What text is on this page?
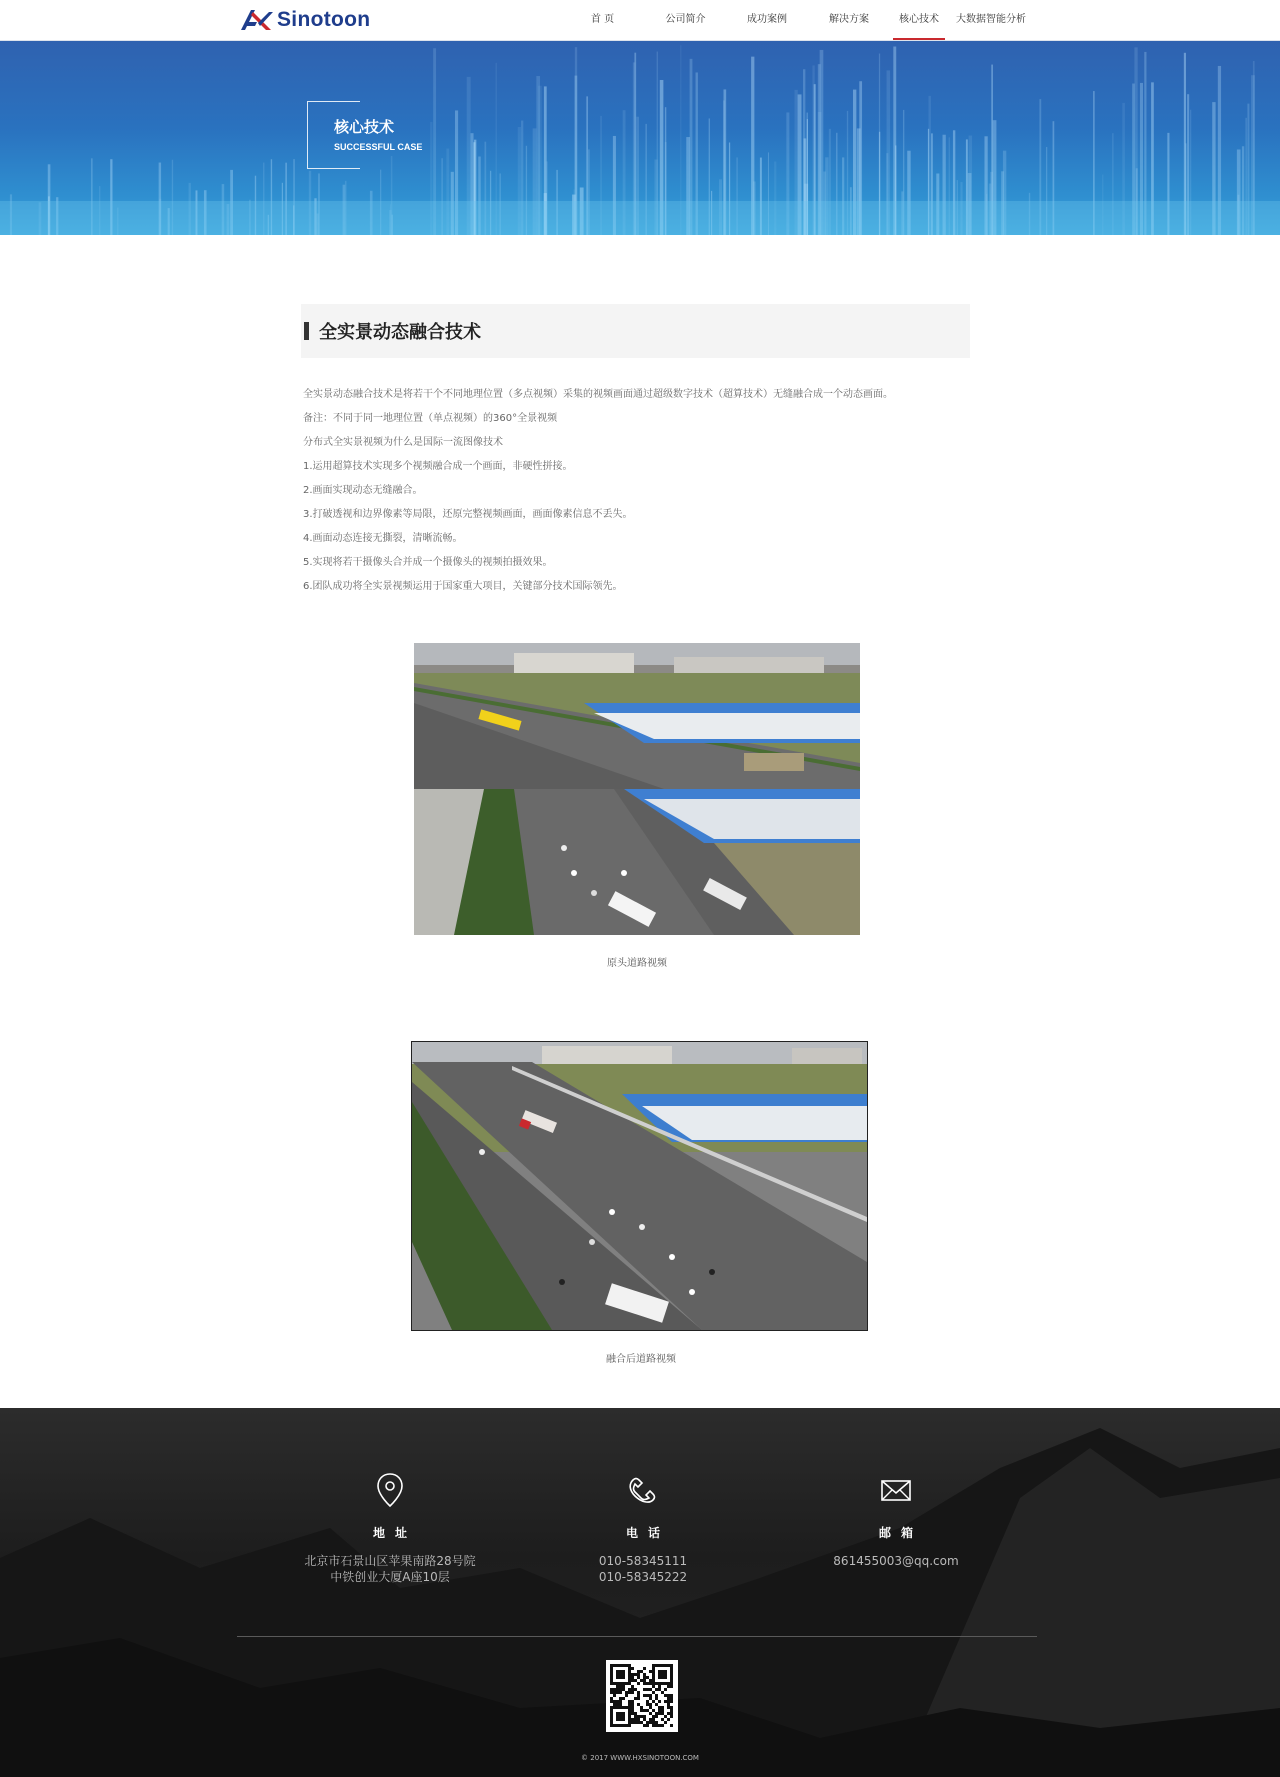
Sinotoon	首 页	公司简介	成功案例	解决方案	核心技术	大数据智能分析
核心技术
SUCCESSFUL CASE
全实景动态融合技术
全实景动态融合技术是将若干个不同地理位置（多点视频）采集的视频画面通过超级数字技术（超算技术）无缝融合成一个动态画面。
备注：不同于同一地理位置（单点视频）的360°全景视频
分布式全实景视频为什么是国际一流图像技术
1.运用超算技术实现多个视频融合成一个画面，非硬性拼接。
2.画面实现动态无缝融合。
3.打破透视和边界像素等局限，还原完整视频画面，画面像素信息不丢失。
4.画面动态连接无撕裂，清晰流畅。
5.实现将若干摄像头合并成一个摄像头的视频拍摄效果。
6.团队成功将全实景视频运用于国家重大项目，关键部分技术国际领先。
原头道路视频
融合后道路视频
地址
北京市石景山区苹果南路28号院
中铁创业大厦A座10层
电话
010-58345111
010-58345222
邮箱
861455003@qq.com
© 2017 WWW.HXSINOTOON.COM
